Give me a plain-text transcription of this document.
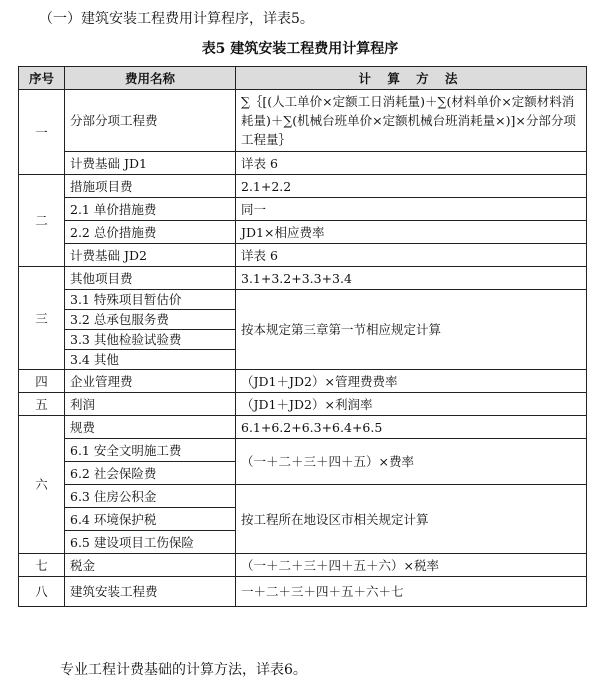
（一）建筑安装工程费用计算程序，详表5。
表5 建筑安装工程费用计算程序
序号	费用名称	计 算 方 法
一	分部分项工程费	∑｛[(人工单价×定额工日消耗量)＋∑(材料单价×定额材料消耗量)＋∑(机械台班单价×定额机械台班消耗量×)]×分部分项工程量｝
	计费基础 JD1	详表 6
二	措施项目费	2.1+2.2
	2.1 单价措施费	同一
	2.2 总价措施费	JD1×相应费率
	计费基础 JD2	详表 6
三	其他项目费	3.1+3.2+3.3+3.4
	3.1 特殊项目暂估价	按本规定第三章第一节相应规定计算
	3.2 总承包服务费	
	3.3 其他检验试验费	
	3.4 其他	
四	企业管理费	（JD1＋JD2）×管理费费率
五	利润	（JD1＋JD2）×利润率
六	规费	6.1+6.2+6.3+6.4+6.5
	6.1 安全文明施工费	（一＋二＋三＋四＋五）×费率
	6.2 社会保险费	
	6.3 住房公积金	按工程所在地设区市相关规定计算
	6.4 环境保护税	
	6.5 建设项目工伤保险	
七	税金	（一＋二＋三＋四＋五＋六）×税率
八	建筑安装工程费	一＋二＋三＋四＋五＋六＋七
专业工程计费基础的计算方法，详表6。
